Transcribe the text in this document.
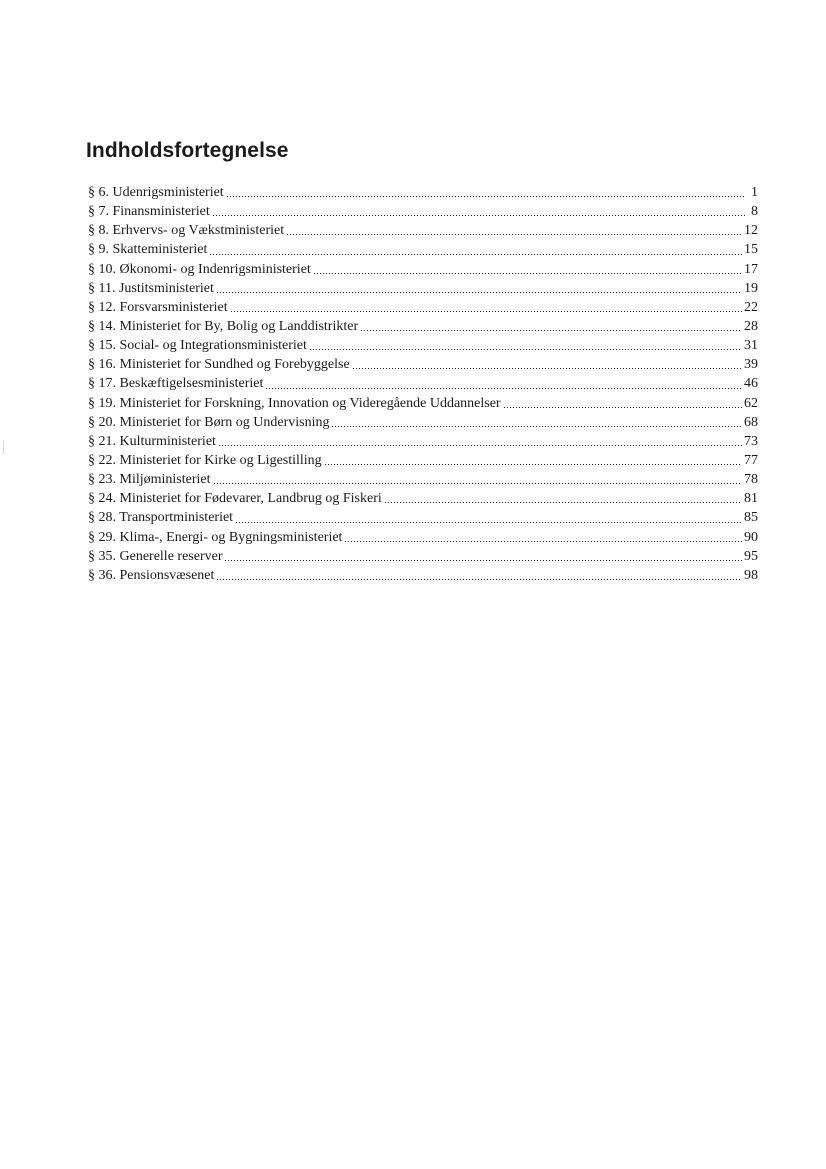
Indholdsfortegnelse
§ 6. Udenrigsministeriet	1
§ 7. Finansministeriet	8
§ 8. Erhvervs- og Vækstministeriet	12
§ 9. Skatteministeriet	15
§ 10. Økonomi- og Indenrigsministeriet	17
§ 11. Justitsministeriet	19
§ 12. Forsvarsministeriet	22
§ 14. Ministeriet for By, Bolig og Landdistrikter	28
§ 15. Social- og Integrationsministeriet	31
§ 16. Ministeriet for Sundhed og Forebyggelse	39
§ 17. Beskæftigelsesministeriet	46
§ 19. Ministeriet for Forskning, Innovation og Videregående Uddannelser	62
§ 20. Ministeriet for Børn og Undervisning	68
§ 21. Kulturministeriet	73
§ 22. Ministeriet for Kirke og Ligestilling	77
§ 23. Miljøministeriet	78
§ 24. Ministeriet for Fødevarer, Landbrug og Fiskeri	81
§ 28. Transportministeriet	85
§ 29. Klima-, Energi- og Bygningsministeriet	90
§ 35. Generelle reserver	95
§ 36. Pensionsvæsenet	98
